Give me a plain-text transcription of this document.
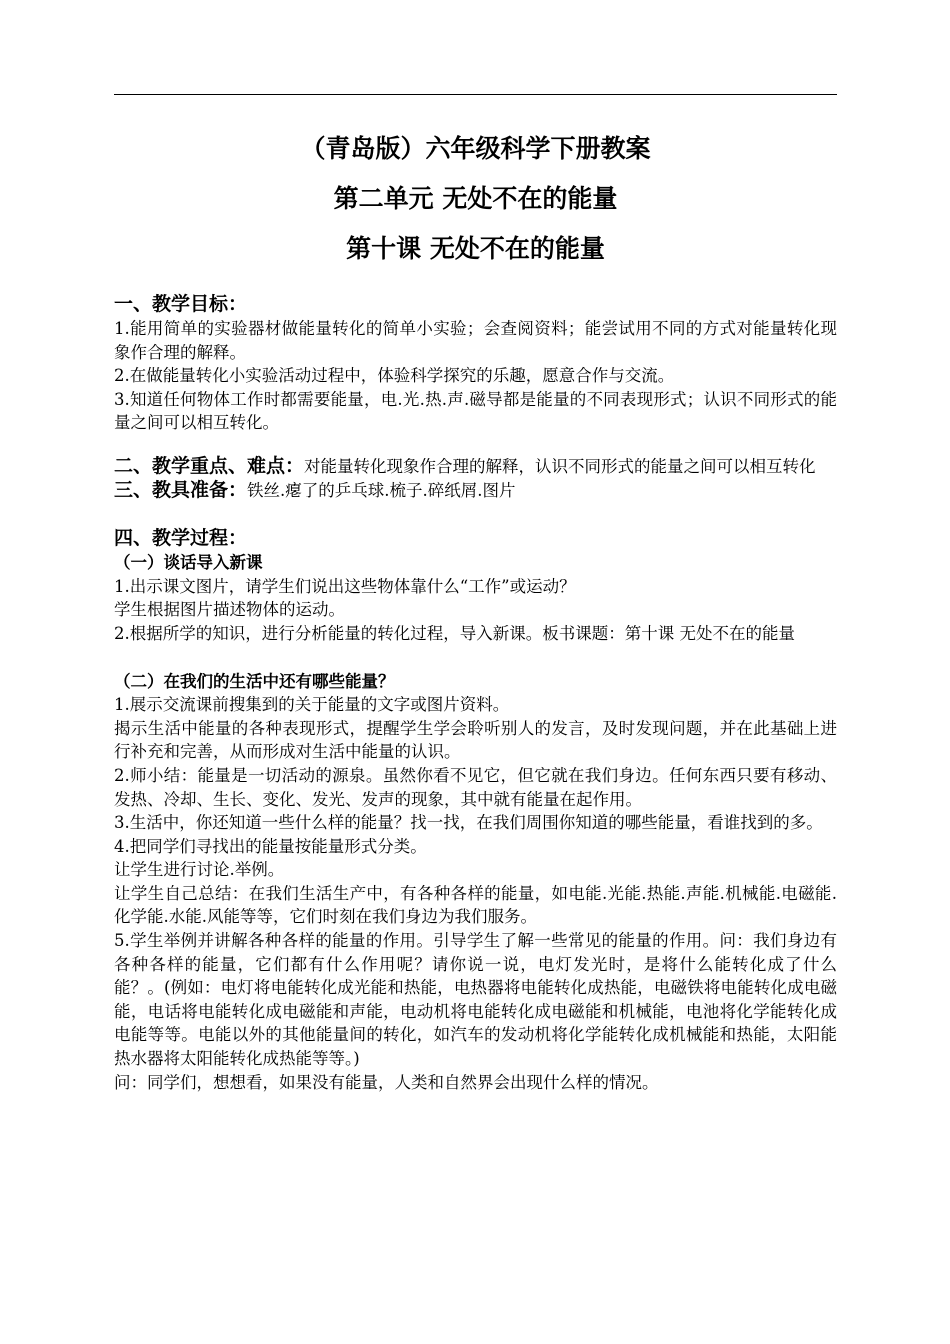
（青岛版）六年级科学下册教案
第二单元 无处不在的能量
第十课 无处不在的能量
一、教学目标：

1.能用简单的实验器材做能量转化的简单小实验；会查阅资料；能尝试用不同的方式对能量转化现象作合理的解释。

2.在做能量转化小实验活动过程中，体验科学探究的乐趣，愿意合作与交流。

3.知道任何物体工作时都需要能量，电.光.热.声.磁导都是能量的不同表现形式；认识不同形式的能量之间可以相互转化。

二、教学重点、难点：对能量转化现象作合理的解释，认识不同形式的能量之间可以相互转化

三、教具准备：铁丝.瘪了的乒乓球.梳子.碎纸屑.图片

四、教学过程：

（一）谈话导入新课

1.出示课文图片，请学生们说出这些物体靠什么“工作”或运动？

学生根据图片描述物体的运动。

2.根据所学的知识，进行分析能量的转化过程，导入新课。板书课题：第十课 无处不在的能量

（二）在我们的生活中还有哪些能量？

1.展示交流课前搜集到的关于能量的文字或图片资料。

揭示生活中能量的各种表现形式，提醒学生学会聆听别人的发言，及时发现问题，并在此基础上进行补充和完善，从而形成对生活中能量的认识。

2.师小结：能量是一切活动的源泉。虽然你看不见它，但它就在我们身边。任何东西只要有移动、发热、冷却、生长、变化、发光、发声的现象，其中就有能量在起作用。

3.生活中，你还知道一些什么样的能量？找一找，在我们周围你知道的哪些能量，看谁找到的多。

4.把同学们寻找出的能量按能量形式分类。

让学生进行讨论.举例。

让学生自己总结：在我们生活生产中，有各种各样的能量，如电能.光能.热能.声能.机械能.电磁能.化学能.水能.风能等等，它们时刻在我们身边为我们服务。

5.学生举例并讲解各种各样的能量的作用。引导学生了解一些常见的能量的作用。问：我们身边有各种各样的能量，它们都有什么作用呢？请你说一说，电灯发光时，是将什么能转化成了什么能？。(例如：电灯将电能转化成光能和热能，电热器将电能转化成热能，电磁铁将电能转化成电磁能，电话将电能转化成电磁能和声能，电动机将电能转化成电磁能和机械能，电池将化学能转化成电能等等。电能以外的其他能量间的转化，如汽车的发动机将化学能转化成机械能和热能，太阳能热水器将太阳能转化成热能等等。)

问：同学们，想想看，如果没有能量，人类和自然界会出现什么样的情况。
